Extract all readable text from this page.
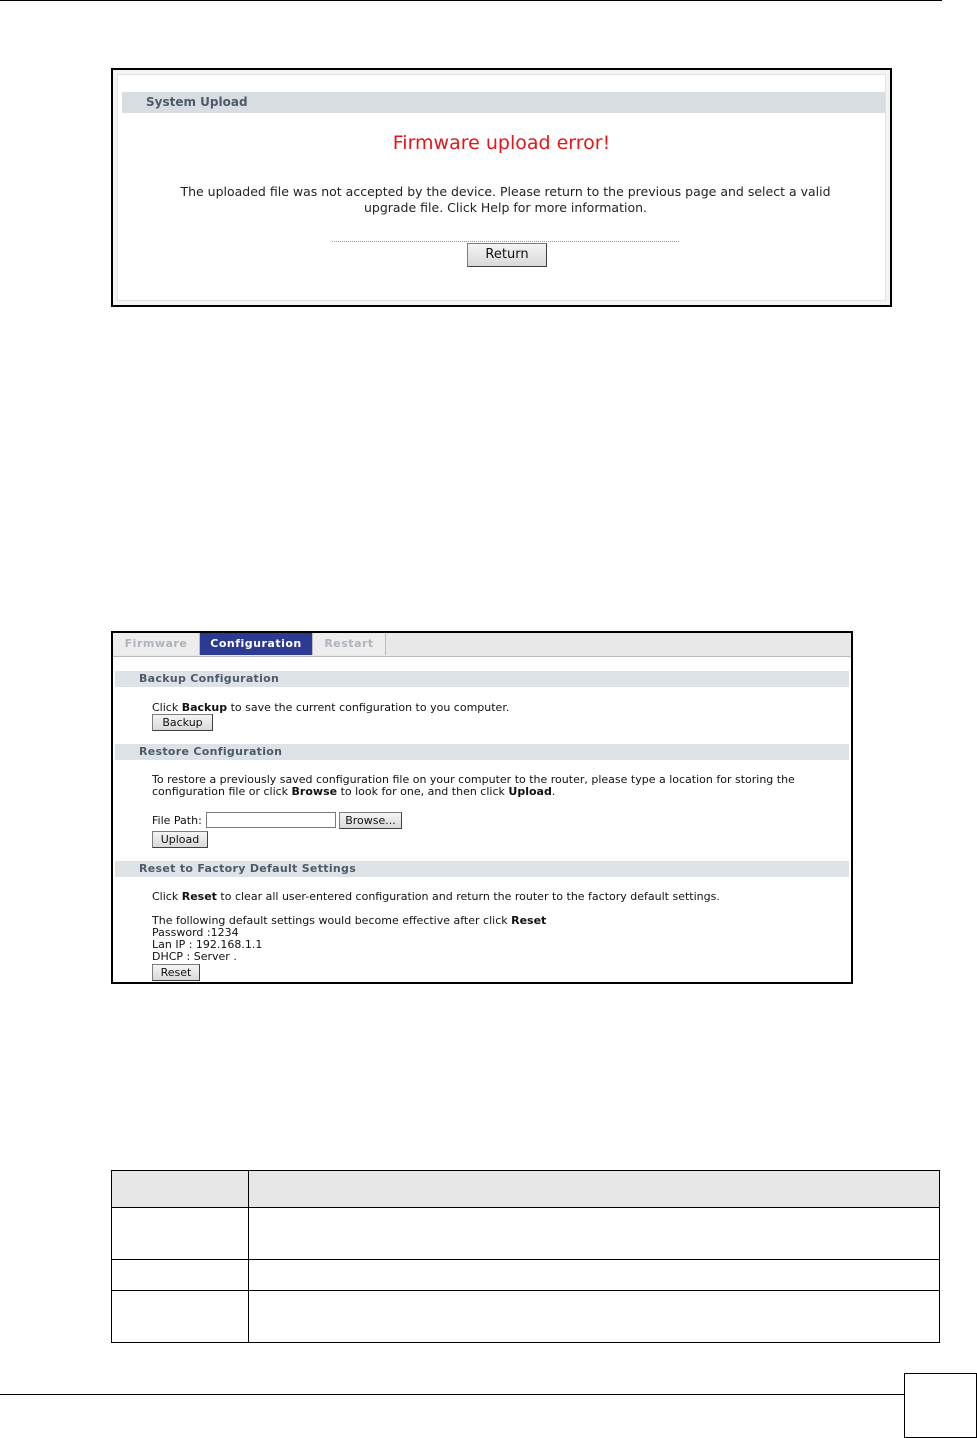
System Upload
Firmware upload error!
The uploaded file was not accepted by the device. Please return to the previous page and select a valid upgrade file. Click Help for more information.
Return
Firmware	Configuration	Restart
Backup Configuration
Click Backup to save the current configuration to you computer.
Backup
Restore Configuration
To restore a previously saved configuration file on your computer to the router, please type a location for storing the
configuration file or click Browse to look for one, and then click Upload.
File Path:	Browse...
Upload
Reset to Factory Default Settings
Click Reset to clear all user-entered configuration and return the router to the factory default settings.
The following default settings would become effective after click Reset
Password :1234
Lan IP : 192.168.1.1
DHCP : Server .
Reset
